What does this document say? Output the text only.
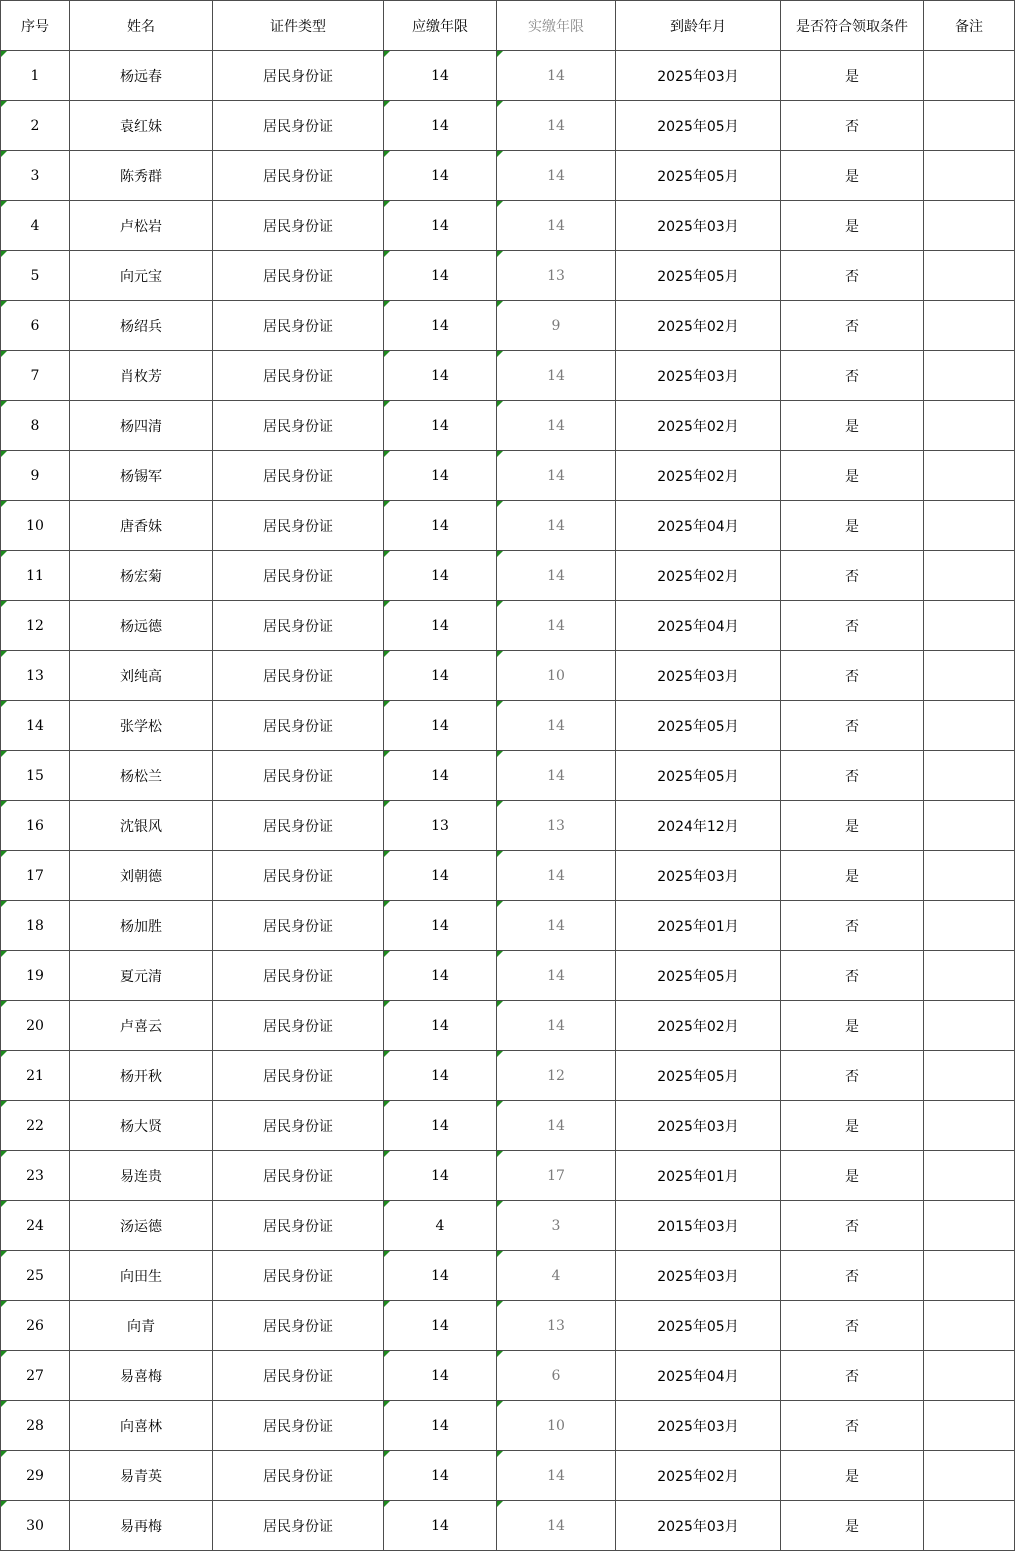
序号	姓名	证件类型	应缴年限	实缴年限	到龄年月	是否符合领取条件	备注
1	杨远春	居民身份证	14	14	2025年03月	是	
2	袁红妹	居民身份证	14	14	2025年05月	否	
3	陈秀群	居民身份证	14	14	2025年05月	是	
4	卢松岩	居民身份证	14	14	2025年03月	是	
5	向元宝	居民身份证	14	13	2025年05月	否	
6	杨绍兵	居民身份证	14	9	2025年02月	否	
7	肖枚芳	居民身份证	14	14	2025年03月	否	
8	杨四清	居民身份证	14	14	2025年02月	是	
9	杨锡军	居民身份证	14	14	2025年02月	是	
10	唐香妹	居民身份证	14	14	2025年04月	是	
11	杨宏菊	居民身份证	14	14	2025年02月	否	
12	杨远德	居民身份证	14	14	2025年04月	否	
13	刘纯高	居民身份证	14	10	2025年03月	否	
14	张学松	居民身份证	14	14	2025年05月	否	
15	杨松兰	居民身份证	14	14	2025年05月	否	
16	沈银风	居民身份证	13	13	2024年12月	是	
17	刘朝德	居民身份证	14	14	2025年03月	是	
18	杨加胜	居民身份证	14	14	2025年01月	否	
19	夏元清	居民身份证	14	14	2025年05月	否	
20	卢喜云	居民身份证	14	14	2025年02月	是	
21	杨开秋	居民身份证	14	12	2025年05月	否	
22	杨大贤	居民身份证	14	14	2025年03月	是	
23	易连贵	居民身份证	14	17	2025年01月	是	
24	汤运德	居民身份证	4	3	2015年03月	否	
25	向田生	居民身份证	14	4	2025年03月	否	
26	向青	居民身份证	14	13	2025年05月	否	
27	易喜梅	居民身份证	14	6	2025年04月	否	
28	向喜林	居民身份证	14	10	2025年03月	否	
29	易青英	居民身份证	14	14	2025年02月	是	
30	易再梅	居民身份证	14	14	2025年03月	是	
